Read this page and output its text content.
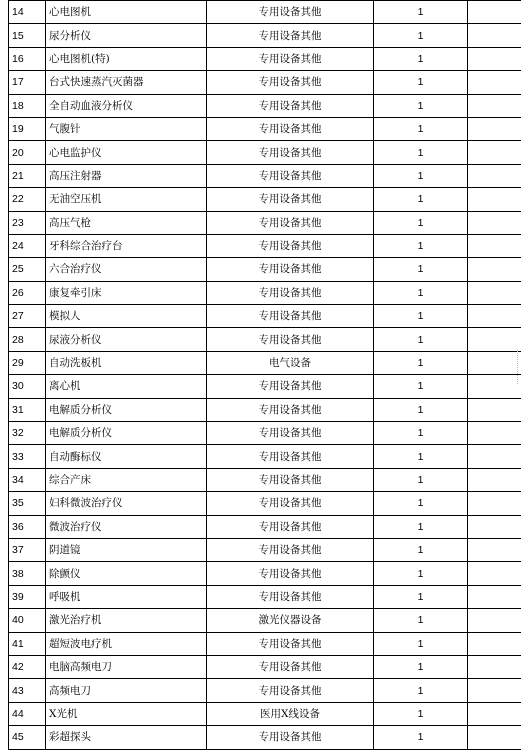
14	心电图机	专用设备其他	1	
15	尿分析仪	专用设备其他	1	
16	心电图机(特)	专用设备其他	1	
17	台式快速蒸汽灭菌器	专用设备其他	1	
18	全自动血液分析仪	专用设备其他	1	
19	气腹针	专用设备其他	1	
20	心电监护仪	专用设备其他	1	
21	高压注射器	专用设备其他	1	
22	无油空压机	专用设备其他	1	
23	高压气枪	专用设备其他	1	
24	牙科综合治疗台	专用设备其他	1	
25	六合治疗仪	专用设备其他	1	
26	康复牵引床	专用设备其他	1	
27	模拟人	专用设备其他	1	
28	尿液分析仪	专用设备其他	1	
29	自动洗板机	电气设备	1	
30	离心机	专用设备其他	1	
31	电解质分析仪	专用设备其他	1	
32	电解质分析仪	专用设备其他	1	
33	自动酶标仪	专用设备其他	1	
34	综合产床	专用设备其他	1	
35	妇科微波治疗仪	专用设备其他	1	
36	微波治疗仪	专用设备其他	1	
37	阴道镜	专用设备其他	1	
38	除颤仪	专用设备其他	1	
39	呼吸机	专用设备其他	1	
40	激光治疗机	激光仪器设备	1	
41	超短波电疗机	专用设备其他	1	
42	电脑高频电刀	专用设备其他	1	
43	高频电刀	专用设备其他	1	
44	X光机	医用X线设备	1	
45	彩超探头	专用设备其他	1	
